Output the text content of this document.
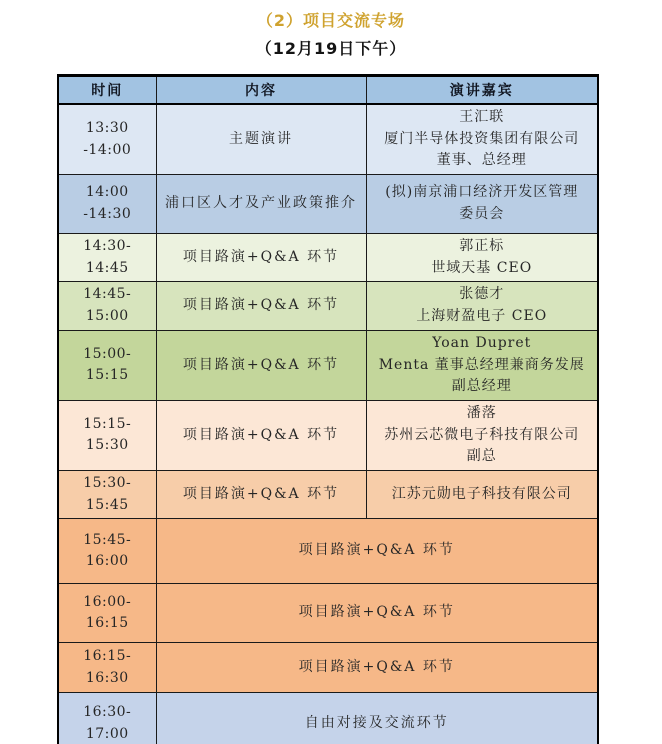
（2）项目交流专场
（12月19日下午）
时间	内容	演讲嘉宾
13:30 -14:00	主题演讲	王汇联
厦门半导体投资集团有限公司
董事、总经理

14:00 -14:30	浦口区人才及产业政策推介	(拟)南京浦口经济开发区管理
委员会

14:30-14:45	项目路演+Q&A 环节	郭正标
世域天基 CEO

14:45-15:00	项目路演+Q&A 环节	张德才
上海财盈电子 CEO

15:00-15:15	项目路演+Q&A 环节	Yoan Dupret
Menta 董事总经理兼商务发展
副总经理

15:15-15:30	项目路演+Q&A 环节	潘落
苏州云芯微电子科技有限公司
副总

15:30-15:45	项目路演+Q&A 环节	江苏元勋电子科技有限公司

15:45-16:00	项目路演+Q&A 环节	
16:00-16:15	项目路演+Q&A 环节	
16:15-16:30	项目路演+Q&A 环节	
16:30-17:00	自由对接及交流环节	
